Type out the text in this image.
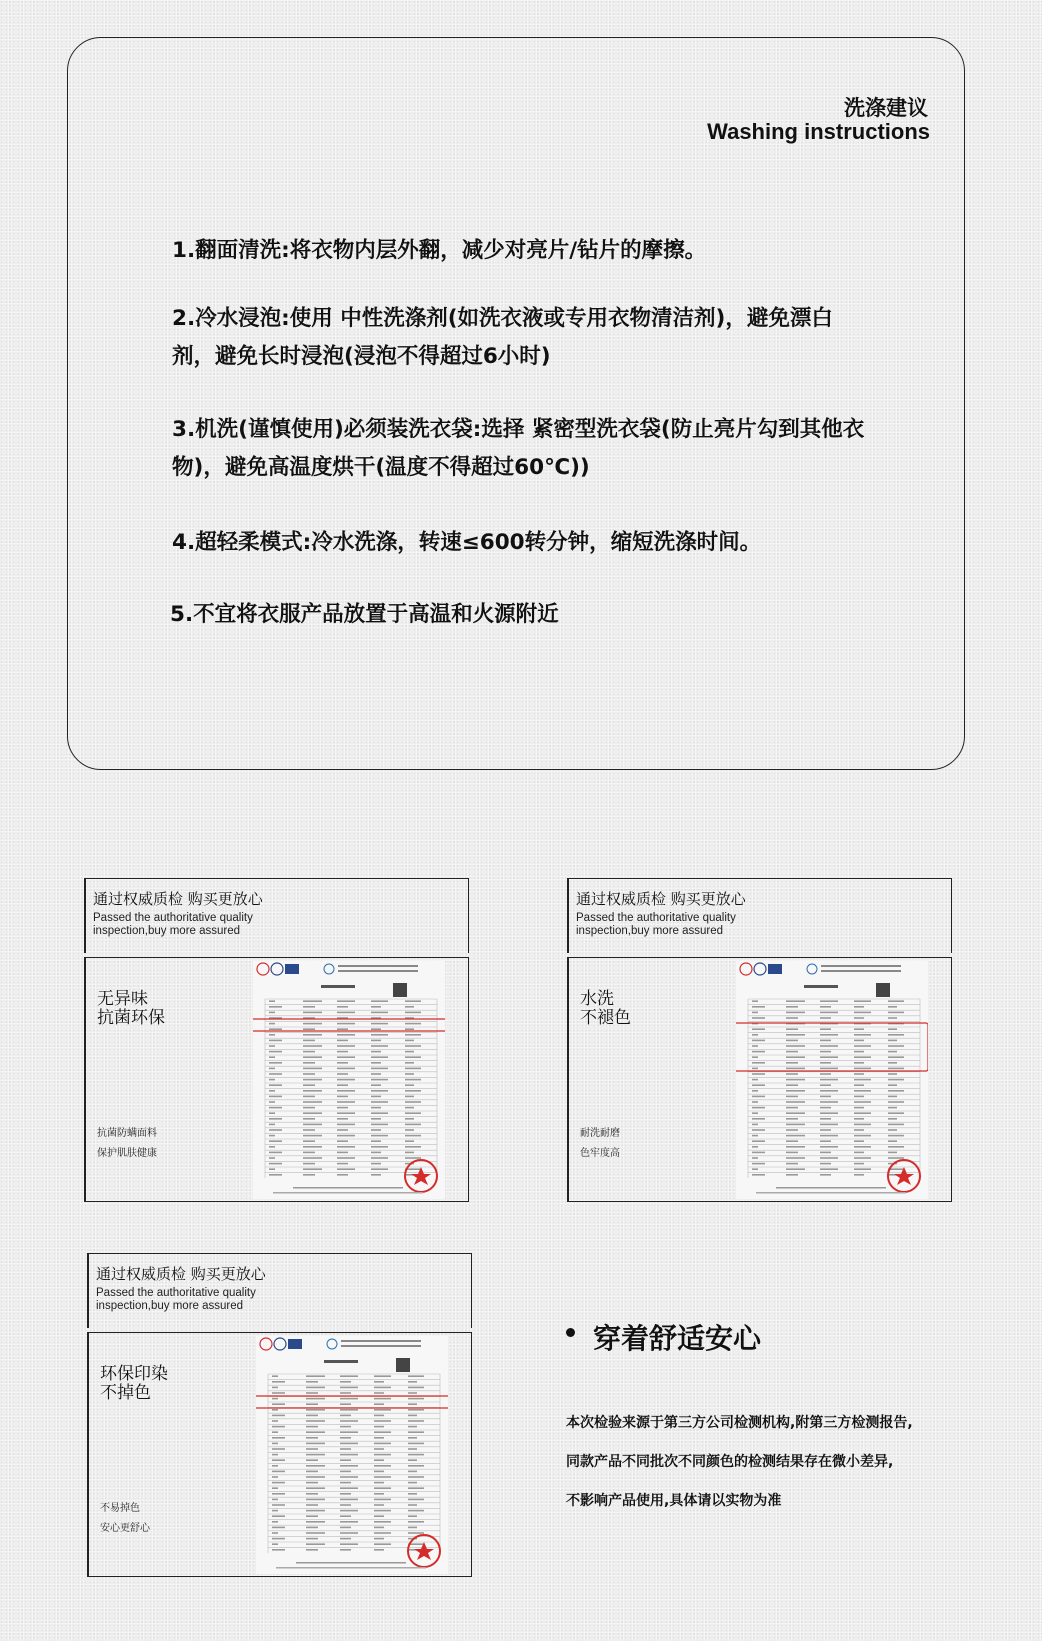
洗涤建议
Washing instructions
1.翻面清洗:将衣物内层外翻，减少对亮片/钻片的摩擦。
2.冷水浸泡:使用 中性洗涤剂(如洗衣液或专用衣物清洁剂)，避免漂白剂，避免长时浸泡(浸泡不得超过6小时)
3.机洗(谨慎使用)必须装洗衣袋:选择 紧密型洗衣袋(防止亮片勾到其他衣物)，避免高温度烘干(温度不得超过60℃))
4.超轻柔模式:冷水洗涤，转速≤600转分钟，缩短洗涤时间。
5.不宜将衣服产品放置于高温和火源附近
通过权威质检 购买更放心
Passed the authoritative quality
inspection,buy more assured
无异味
抗菌环保
抗菌防螨面料
保护肌肤健康
通过权威质检 购买更放心
Passed the authoritative quality
inspection,buy more assured
水洗
不褪色
耐洗耐磨
色牢度高
通过权威质检 购买更放心
Passed the authoritative quality
inspection,buy more assured
环保印染
不掉色
不易掉色
安心更舒心
穿着舒适安心
本次检验来源于第三方公司检测机构,附第三方检测报告,
同款产品不同批次不同颜色的检测结果存在微小差异,
不影响产品使用,具体请以实物为准
